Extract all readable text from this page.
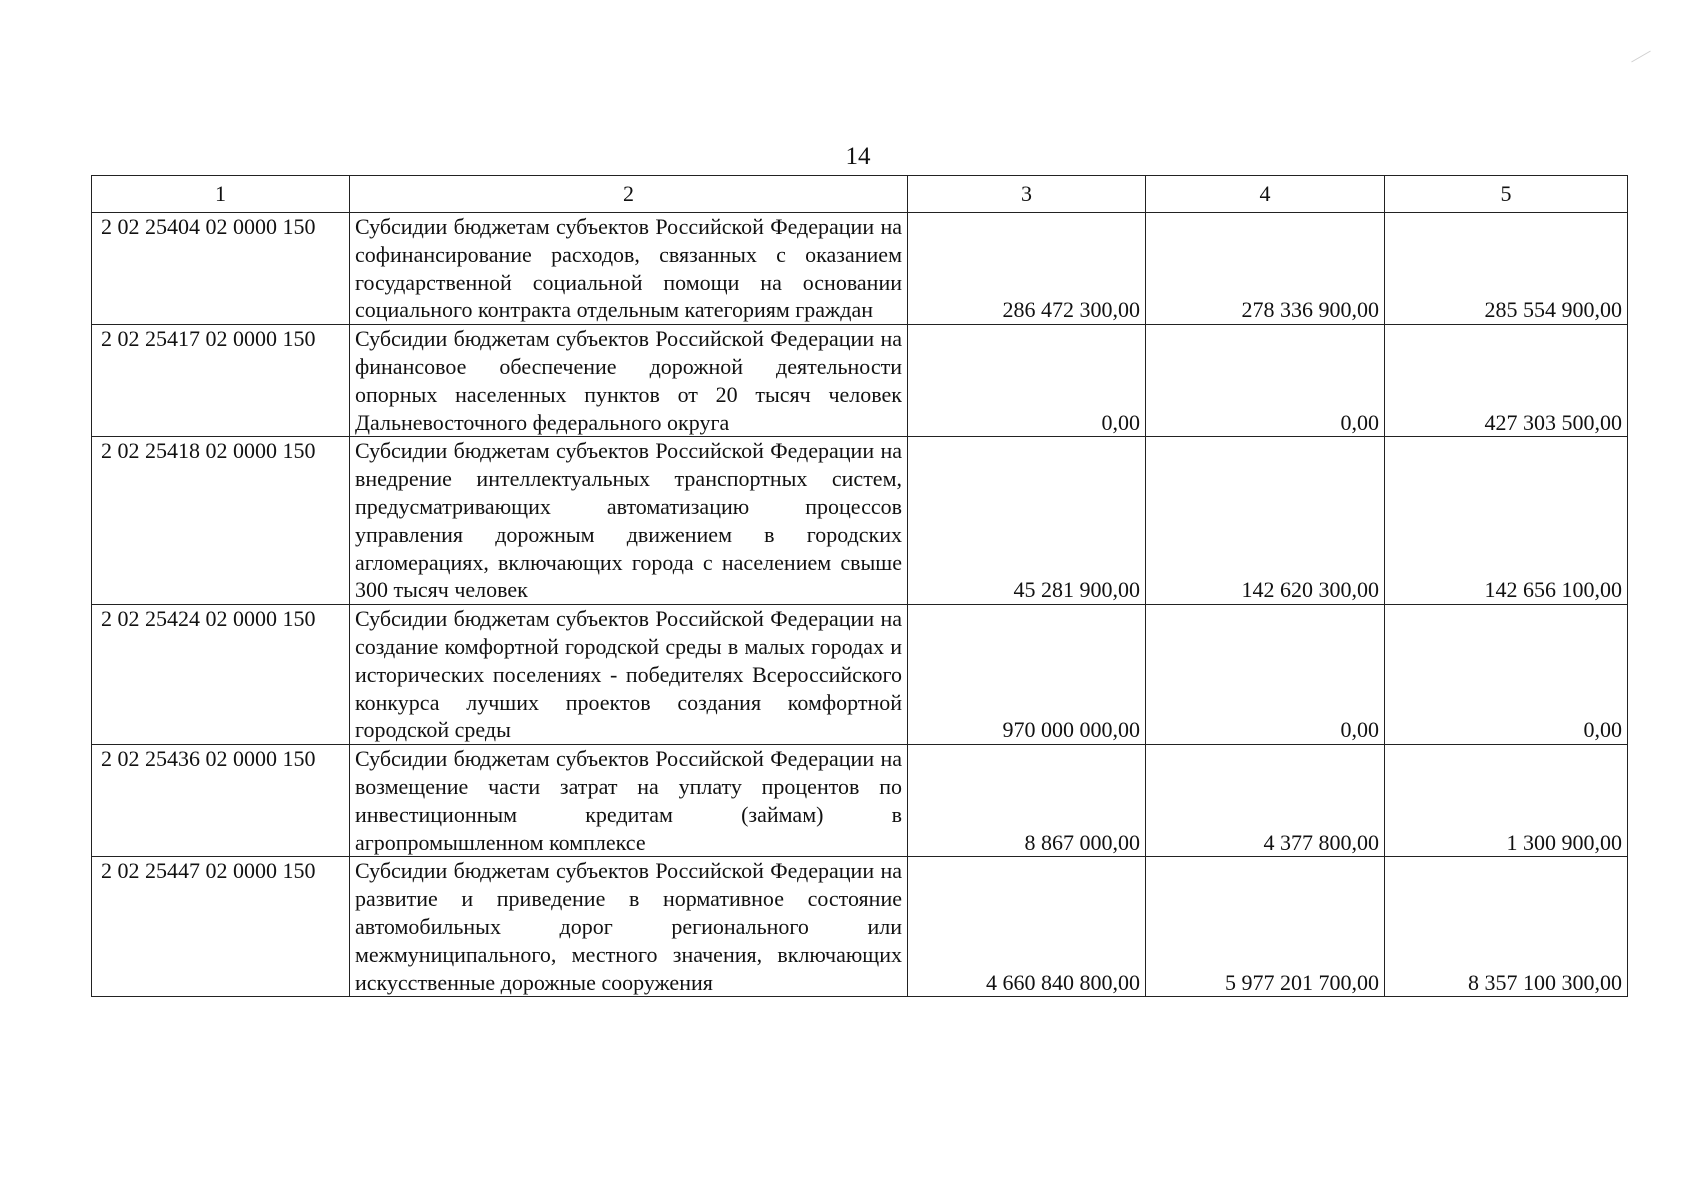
14
1	2	3	4	5
2 02 25404 02 0000 150	Субсидии бюджетам субъектов Российской Федерации на софинансирование расходов, связанных с оказанием государственной социальной помощи на основании социального контракта отдельным категориям граждан	286 472 300,00	278 336 900,00	285 554 900,00
2 02 25417 02 0000 150	Субсидии бюджетам субъектов Российской Федерации на финансовое обеспечение дорожной деятельности опорных населенных пунктов от 20 тысяч человек Дальневосточного федерального округа	0,00	0,00	427 303 500,00
2 02 25418 02 0000 150	Субсидии бюджетам субъектов Российской Федерации на внедрение интеллектуальных транспортных систем, предусматривающих автоматизацию процессов управления дорожным движением в городских агломерациях, включающих города с населением свыше 300 тысяч человек	45 281 900,00	142 620 300,00	142 656 100,00
2 02 25424 02 0000 150	Субсидии бюджетам субъектов Российской Федерации на создание комфортной городской среды в малых городах и исторических поселениях - победителях Всероссийского конкурса лучших проектов создания комфортной городской среды	970 000 000,00	0,00	0,00
2 02 25436 02 0000 150	Субсидии бюджетам субъектов Российской Федерации на возмещение части затрат на уплату процентов по инвестиционным кредитам (займам) в агропромышленном комплексе	8 867 000,00	4 377 800,00	1 300 900,00
2 02 25447 02 0000 150	Субсидии бюджетам субъектов Российской Федерации на развитие и приведение в нормативное состояние автомобильных дорог регионального или межмуниципального, местного значения, включающих искусственные дорожные сооружения	4 660 840 800,00	5 977 201 700,00	8 357 100 300,00
